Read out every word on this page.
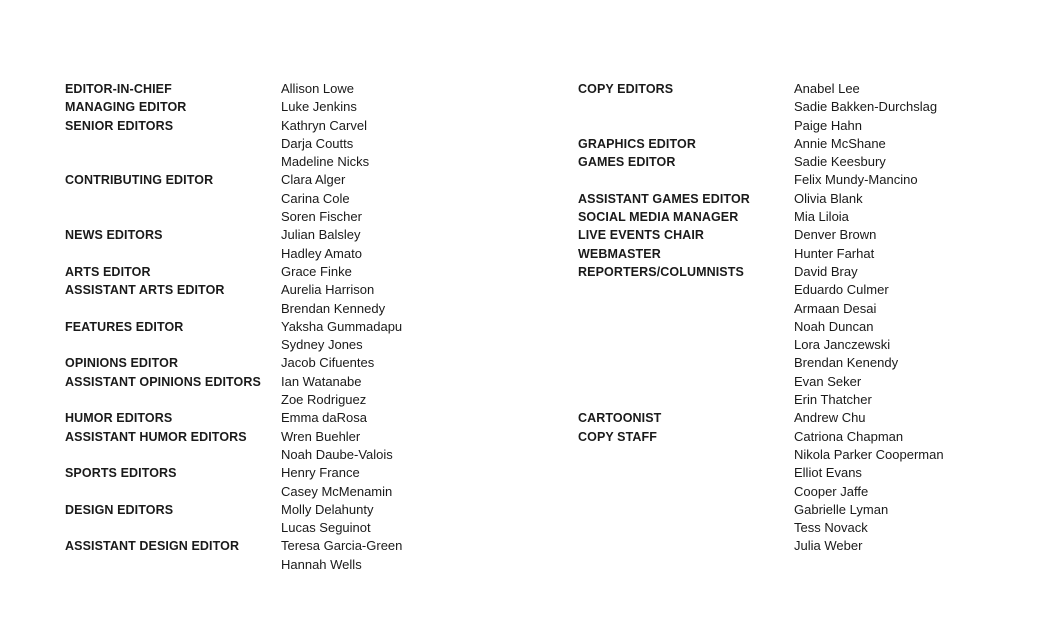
EDITOR-IN-CHIEF	Allison Lowe
MANAGING EDITOR	Luke Jenkins
SENIOR EDITORS	Kathryn Carvel
Darja Coutts
Madeline Nicks
CONTRIBUTING EDITOR	Clara Alger
Carina Cole
Soren Fischer
NEWS EDITORS	Julian Balsley
Hadley Amato
ARTS EDITOR	Grace Finke
ASSISTANT ARTS EDITOR	Aurelia Harrison
Brendan Kennedy
FEATURES EDITOR	Yaksha Gummadapu
Sydney Jones
OPINIONS EDITOR	Jacob Cifuentes
ASSISTANT OPINIONS EDITORS	Ian Watanabe
Zoe Rodriguez
HUMOR EDITORS	Emma daRosa
ASSISTANT HUMOR EDITORS	Wren Buehler
Noah Daube-Valois
SPORTS EDITORS	Henry France
Casey McMenamin
DESIGN EDITORS	Molly Delahunty
Lucas Seguinot
ASSISTANT DESIGN EDITOR	Teresa Garcia-Green
Hannah Wells
COPY EDITORS	Anabel Lee
Sadie Bakken-Durchslag
Paige Hahn
GRAPHICS EDITOR	Annie McShane
GAMES EDITOR	Sadie Keesbury
Felix Mundy-Mancino
ASSISTANT GAMES EDITOR	Olivia Blank
SOCIAL MEDIA MANAGER	Mia Liloia
LIVE EVENTS CHAIR	Denver Brown
WEBMASTER	Hunter Farhat
REPORTERS/COLUMNISTS	David Bray
Eduardo Culmer
Armaan Desai
Noah Duncan
Lora Janczewski
Brendan Kenendy
Evan Seker
Erin Thatcher
CARTOONIST	Andrew Chu
COPY STAFF	Catriona Chapman
Nikola Parker Cooperman
Elliot Evans
Cooper Jaffe
Gabrielle Lyman
Tess Novack
Julia Weber
